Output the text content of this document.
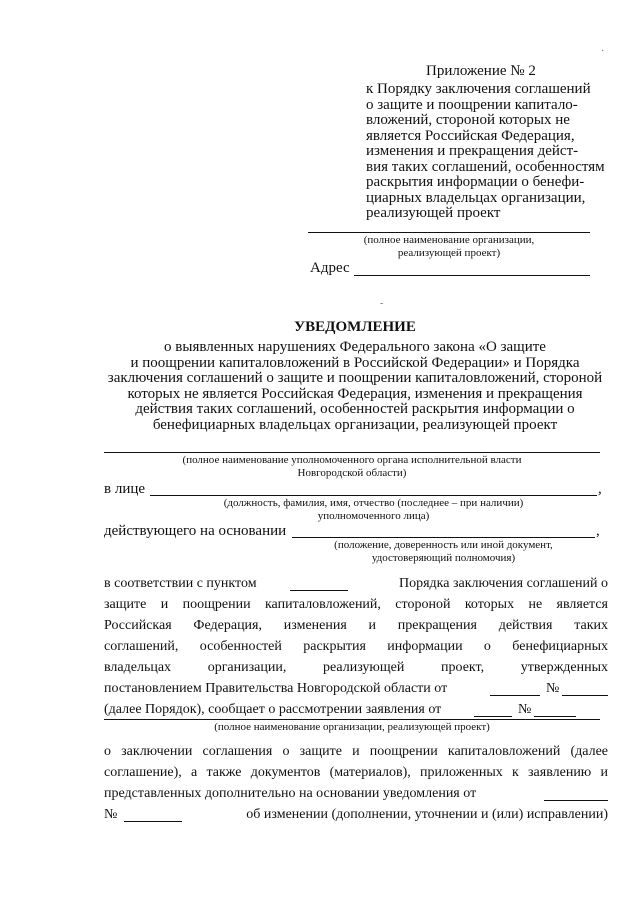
Приложение № 2
к Порядку заключения соглашений
о защите и поощрении капитало-
вложений, стороной которых не
является Российская Федерация,
изменения и прекращения дейст-
вия таких соглашений, особенностям
раскрытия информации о бенефи-
циарных владельцах организации,
реализующей проект
(полное наименование организации,
реализующей проект)
Адрес
·
-
УВЕДОМЛЕНИЕ
о выявленных нарушениях Федерального закона «О защите
и поощрении капиталовложений в Российской Федерации» и Порядка
заключения соглашений о защите и поощрении капиталовложений, стороной
которых не является Российская Федерация, изменения и прекращения
действия таких соглашений, особенностей раскрытия информации о
бенефициарных владельцах организации, реализующей проект
(полное наименование уполномоченного органа исполнительной власти
Новгородской области)
в лице	,
(должность, фамилия, имя, отчество (последнее – при наличии)
уполномоченного лица)
действующего на основании	,
(положение, доверенность или иной документ,
удостоверяющий полномочия)
в соответствии с пунктом	Порядка заключения соглашений о
защите и поощрении капиталовложений, стороной которых не является
Российская Федерация, изменения и прекращения действия таких
соглашений, особенностей раскрытия информации о бенефициарных
владельцах организации, реализующей проект, утвержденных
постановлением Правительства Новгородской области от	№
(далее Порядок), сообщает о рассмотрении заявления от	№
(полное наименование организации, реализующей проект)
о заключении соглашения о защите и поощрении капиталовложений (далее
соглашение), а также документов (материалов), приложенных к заявлению и
представленных дополнительно на основании уведомления от
№	об изменении (дополнении, уточнении и (или) исправлении)
